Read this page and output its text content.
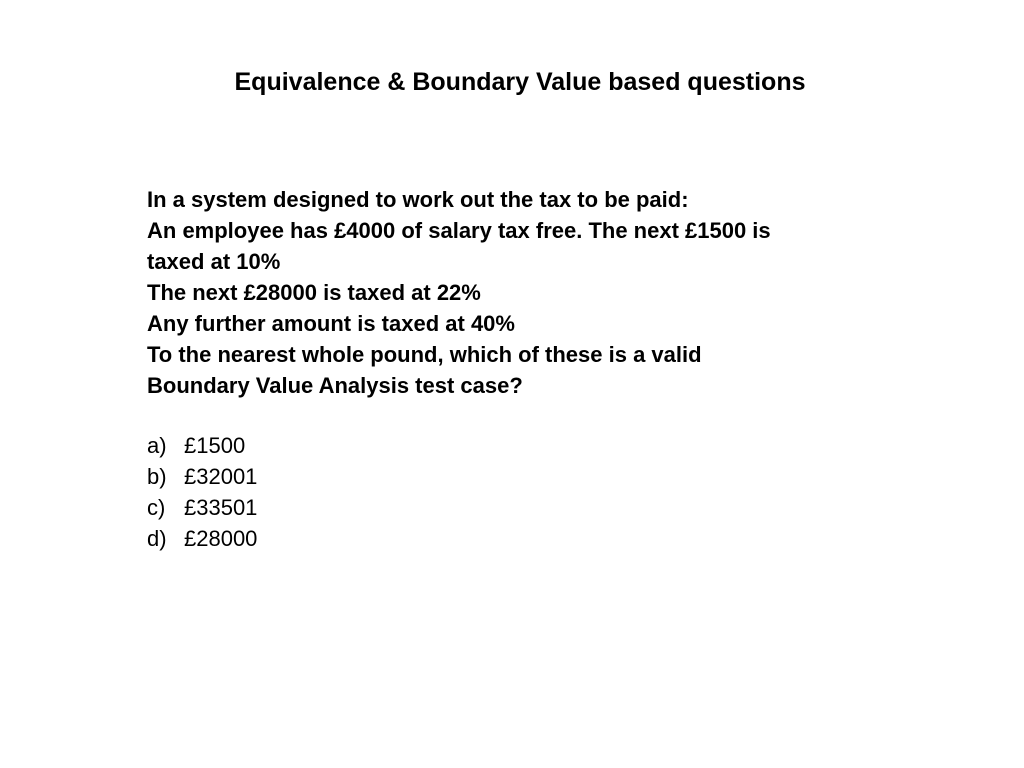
Equivalence & Boundary Value based questions
In a system designed to work out the tax to be paid:
An employee has £4000 of salary tax free. The next £1500 is
taxed at 10%
The next £28000 is taxed at 22%
Any further amount is taxed at 40%
To the nearest whole pound, which of these is a valid
Boundary Value Analysis test case?
a) £1500
b) £32001
c) £33501
d) £28000
